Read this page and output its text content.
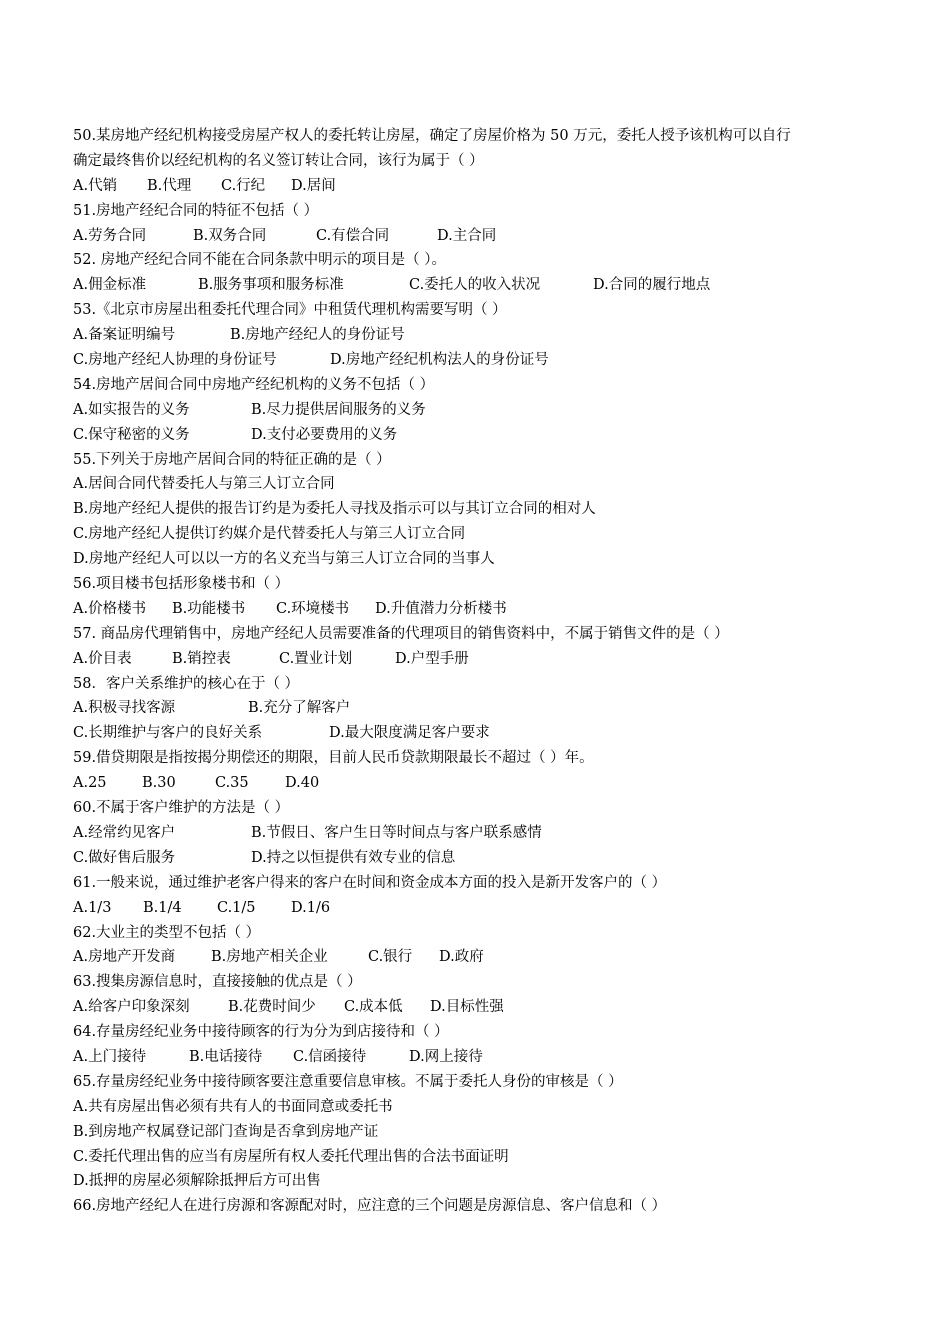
50.某房地产经纪机构接受房屋产权人的委托转让房屋，确定了房屋价格为 50 万元，委托人授予该机构可以自行
确定最终售价以经纪机构的名义签订转让合同，该行为属于（ ）
A.代销 B.代理 C.行纪 D.居间
51.房地产经纪合同的特征不包括（ ）
A.劳务合同	B.双务合同	C.有偿合同	D.主合同
52. 房地产经纪合同不能在合同条款中明示的项目是（ ）。
A.佣金标准	B.服务事项和服务标准	C.委托人的收入状况	D.合同的履行地点
53.《北京市房屋出租委托代理合同》中租赁代理机构需要写明（ ）
A.备案证明编号	B.房地产经纪人的身份证号
C.房地产经纪人协理的身份证号	D.房地产经纪机构法人的身份证号
54.房地产居间合同中房地产经纪机构的义务不包括（ ）
A.如实报告的义务	B.尽力提供居间服务的义务
C.保守秘密的义务	D.支付必要费用的义务
55.下列关于房地产居间合同的特征正确的是（ ）
A.居间合同代替委托人与第三人订立合同
B.房地产经纪人提供的报告订约是为委托人寻找及指示可以与其订立合同的相对人
C.房地产经纪人提供订约媒介是代替委托人与第三人订立合同
D.房地产经纪人可以以一方的名义充当与第三人订立合同的当事人
56.项目楼书包括形象楼书和（ ）
A.价格楼书 B.功能楼书 C.环境楼书 D.升值潜力分析楼书
57. 商品房代理销售中，房地产经纪人员需要准备的代理项目的销售资料中，不属于销售文件的是（ ）
A.价目表	B.销控表	C.置业计划	D.户型手册
58．客户关系维护的核心在于（ ）
A.积极寻找客源	B.充分了解客户
C.长期维护与客户的良好关系	D.最大限度满足客户要求
59.借贷期限是指按揭分期偿还的期限，目前人民币贷款期限最长不超过（ ）年。
A.25 B.30	C.35	D.40
60.不属于客户维护的方法是（ ）
A.经常约见客户	B.节假日、客户生日等时间点与客户联系感情
C.做好售后服务	D.持之以恒提供有效专业的信息
61.一般来说，通过维护老客户得来的客户在时间和资金成本方面的投入是新开发客户的（ ）
A.1/3 B.1/4 C.1/5 D.1/6
62.大业主的类型不包括（ ）
A.房地产开发商 B.房地产相关企业	C.银行 D.政府
63.搜集房源信息时，直接接触的优点是（ ）
A.给客户印象深刻	B.花费时间少 C.成本低 D.目标性强
64.存量房经纪业务中接待顾客的行为分为到店接待和（ ）
A.上门接待	B.电话接待 C.信函接待	D.网上接待
65.存量房经纪业务中接待顾客要注意重要信息审核。不属于委托人身份的审核是（ ）
A.共有房屋出售必须有共有人的书面同意或委托书
B.到房地产权属登记部门查询是否拿到房地产证
C.委托代理出售的应当有房屋所有权人委托代理出售的合法书面证明
D.抵押的房屋必须解除抵押后方可出售
66.房地产经纪人在进行房源和客源配对时，应注意的三个问题是房源信息、客户信息和（ ）
